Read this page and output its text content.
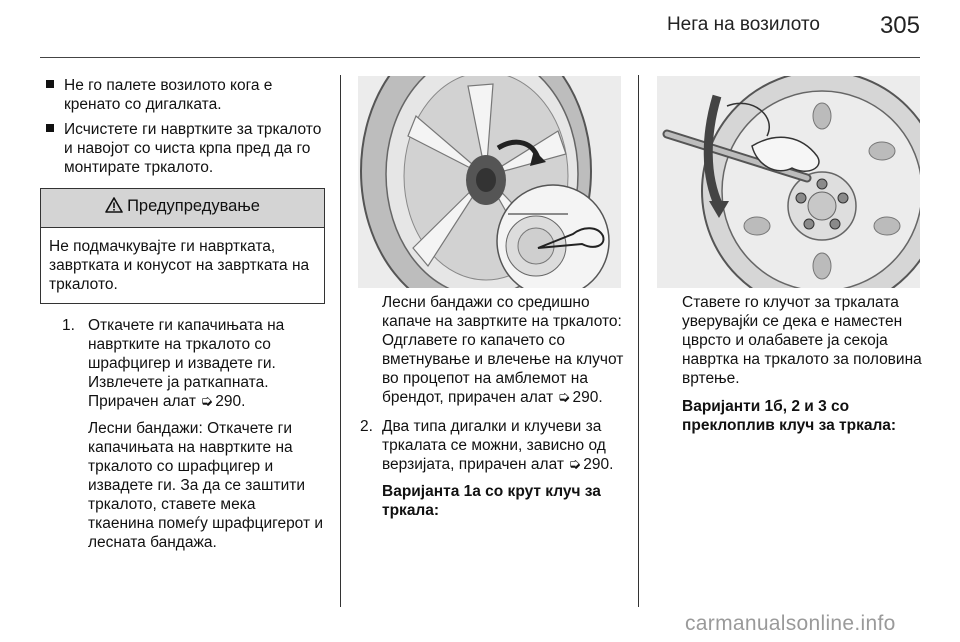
Нега на возилото	305

Не го палете возилото кога е кренато со дигалката.

Исчистете ги навртките за тркалото и навојот со чиста крпа пред да го монтирате тркалото.

Предупредување
Не подмачкувајте ги навртката, завртката и конусот на завртката на тркалото.
1. Откачете ги капачињата на навртките на тркалото со шрафцигер и извадете ги. Извлечете ја раткапната. Прирачен алат ➭ 290.

Лесни бандажи: Откачете ги капачињата на навртките на тркалото со шрафцигер и извадете ги. За да се заштити тркалото, ставете мека ткаенина помеѓу шрафцигерот и лесната бандажа.

Лесни бандажи со средишно капаче на завртките на тркалото: Одглавете го капачето со вметнување и влечење на клучот во процепот на амблемот на брендот, прирачен алат ➭ 290.

2. Два типа дигалки и клучеви за тркалата се можни, зависно од верзијата, прирачен алат ➭ 290.

Варијанта 1а со крут клуч за тркала:

Ставете го клучот за тркалата уверувајќи се дека е наместен цврсто и олабавете ја секоја навртка на тркалото за половина вртење.

Варијанти 1б, 2 и 3 со преклоплив клуч за тркала:

carmanualsonline.info
